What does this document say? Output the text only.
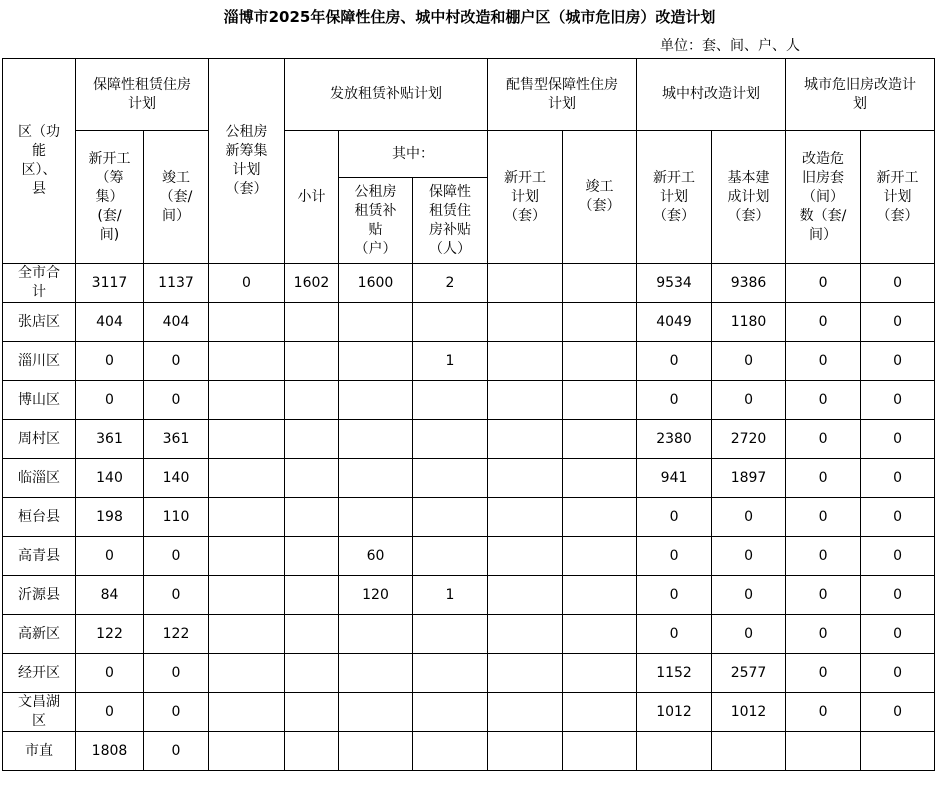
淄博市2025年保障性住房、城中村改造和棚户区（城市危旧房）改造计划
单位：套、间、户、人
区（功
能
区）、
县	保障性租赁住房
计划		公租房
新筹集
计划
（套）	发放租赁补贴计划			配售型保障性住房
计划		城中村改造计划		城市危旧房改造计
划	
	新开工
（筹
集）
(套/
间)	竣工
（套/
间）		小计	其中：		新开工
计划
（套）	竣工
（套）	新开工
计划
（套）	基本建
成计划
（套）	改造危
旧房套
（间）
数（套/
间）	新开工
计划
（套）
					公租房
租赁补
贴
（户）	保障性
租赁住
房补贴
（人）						
全市合
计	3117	1137	0	1602	1600	2			9534	9386	0	0
张店区	404	404							4049	1180	0	0
淄川区	0	0				1			0	0	0	0
博山区	0	0							0	0	0	0
周村区	361	361							2380	2720	0	0
临淄区	140	140							941	1897	0	0
桓台县	198	110							0	0	0	0
高青县	0	0			60				0	0	0	0
沂源县	84	0			120	1			0	0	0	0
高新区	122	122							0	0	0	0
经开区	0	0							1152	2577	0	0
文昌湖
区	0	0							1012	1012	0	0
市直	1808	0										
